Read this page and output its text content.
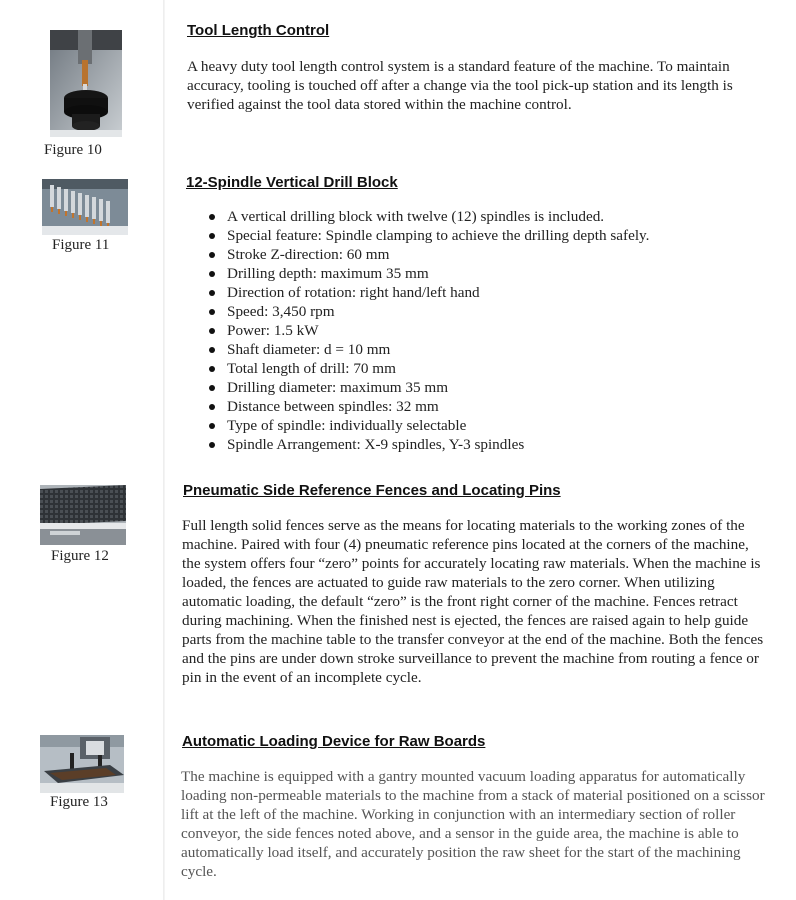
Figure 10
Figure 11
Figure 12
Figure 13
Tool Length Control
A heavy duty tool length control system is a standard feature of the machine. To maintain accuracy, tooling is touched off after a change via the tool pick-up station and its length is verified against the tool data stored within the machine control.
12-Spindle Vertical Drill Block
A vertical drilling block with twelve (12) spindles is included.
Special feature: Spindle clamping to achieve the drilling depth safely.
Stroke Z-direction: 60 mm
Drilling depth: maximum 35 mm
Direction of rotation: right hand/left hand
Speed: 3,450 rpm
Power: 1.5 kW
Shaft diameter: d = 10 mm
Total length of drill: 70 mm
Drilling diameter: maximum 35 mm
Distance between spindles: 32 mm
Type of spindle: individually selectable
Spindle Arrangement: X-9 spindles, Y-3 spindles
Pneumatic Side Reference Fences and Locating Pins
Full length solid fences serve as the means for locating materials to the working zones of the machine. Paired with four (4) pneumatic reference pins located at the corners of the machine, the system offers four “zero” points for accurately locating raw materials. When the machine is loaded, the fences are actuated to guide raw materials to the zero corner. When utilizing automatic loading, the default “zero” is the front right corner of the machine. Fences retract during machining. When the finished nest is ejected, the fences are raised again to help guide parts from the machine table to the transfer conveyor at the end of the machine. Both the fences and the pins are under down stroke surveillance to prevent the machine from routing a fence or pin in the event of an incomplete cycle.
Automatic Loading Device for Raw Boards
The machine is equipped with a gantry mounted vacuum loading apparatus for automatically loading non-permeable materials to the machine from a stack of material positioned on a scissor lift at the left of the machine. Working in conjunction with an intermediary section of roller conveyor, the side fences noted above, and a sensor in the guide area, the machine is able to automatically load itself, and accurately position the raw sheet for the start of the machining cycle.
